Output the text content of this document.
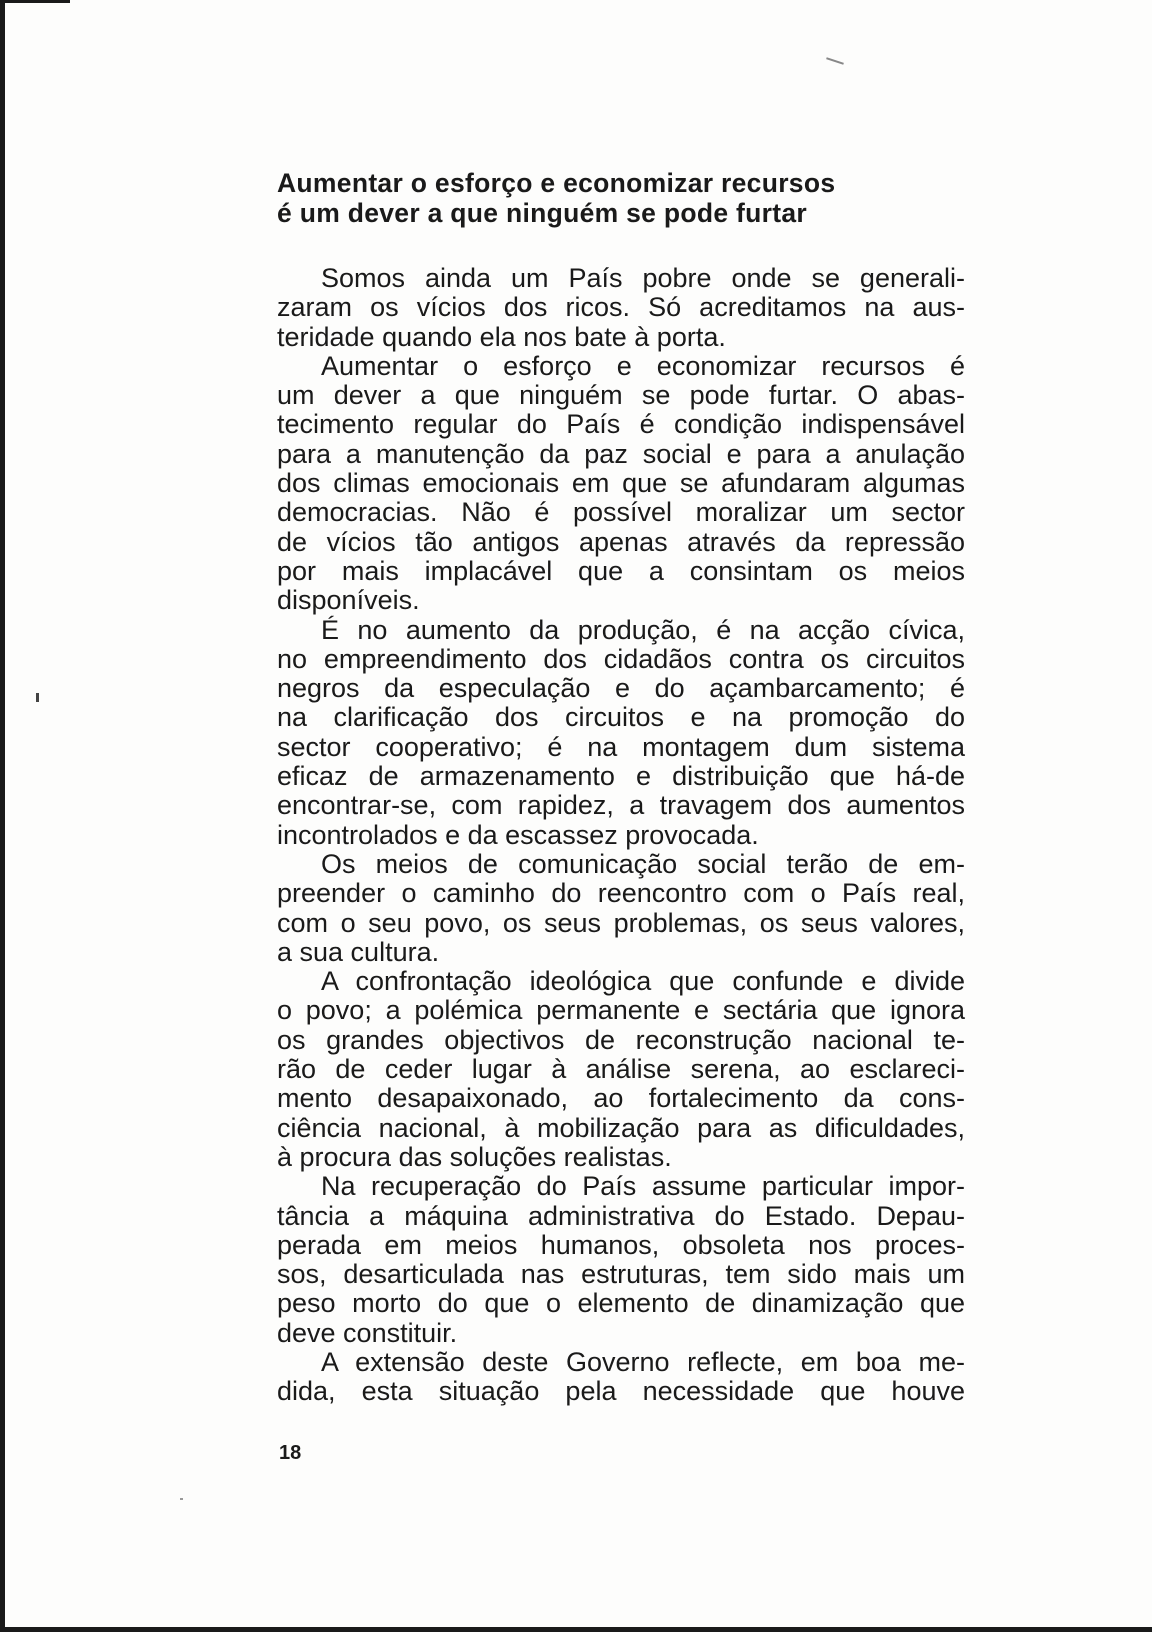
Aumentar o esforço e economizar recursos
é um dever a que ninguém se pode furtar

Somos ainda um País pobre onde se generali-
zaram os vícios dos ricos. Só acreditamos na aus-
teridade quando ela nos bate à porta.

Aumentar o esforço e economizar recursos é
um dever a que ninguém se pode furtar. O abas-
tecimento regular do País é condição indispensável
para a manutenção da paz social e para a anulação
dos climas emocionais em que se afundaram algumas
democracias. Não é possível moralizar um sector
de vícios tão antigos apenas através da repressão
por mais implacável que a consintam os meios
disponíveis.

É no aumento da produção, é na acção cívica,
no empreendimento dos cidadãos contra os circuitos
negros da especulação e do açambarcamento; é
na clarificação dos circuitos e na promoção do
sector cooperativo; é na montagem dum sistema
eficaz de armazenamento e distribuição que há-de
encontrar-se, com rapidez, a travagem dos aumentos
incontrolados e da escassez provocada.

Os meios de comunicação social terão de em-
preender o caminho do reencontro com o País real,
com o seu povo, os seus problemas, os seus valores,
a sua cultura.

A confrontação ideológica que confunde e divide
o povo; a polémica permanente e sectária que ignora
os grandes objectivos de reconstrução nacional te-
rão de ceder lugar à análise serena, ao esclareci-
mento desapaixonado, ao fortalecimento da cons-
ciência nacional, à mobilização para as dificuldades,
à procura das soluções realistas.

Na recuperação do País assume particular impor-
tância a máquina administrativa do Estado. Depau-
perada em meios humanos, obsoleta nos proces-
sos, desarticulada nas estruturas, tem sido mais um
peso morto do que o elemento de dinamização que
deve constituir.

A extensão deste Governo reflecte, em boa me-
dida, esta situação pela necessidade que houve

18
